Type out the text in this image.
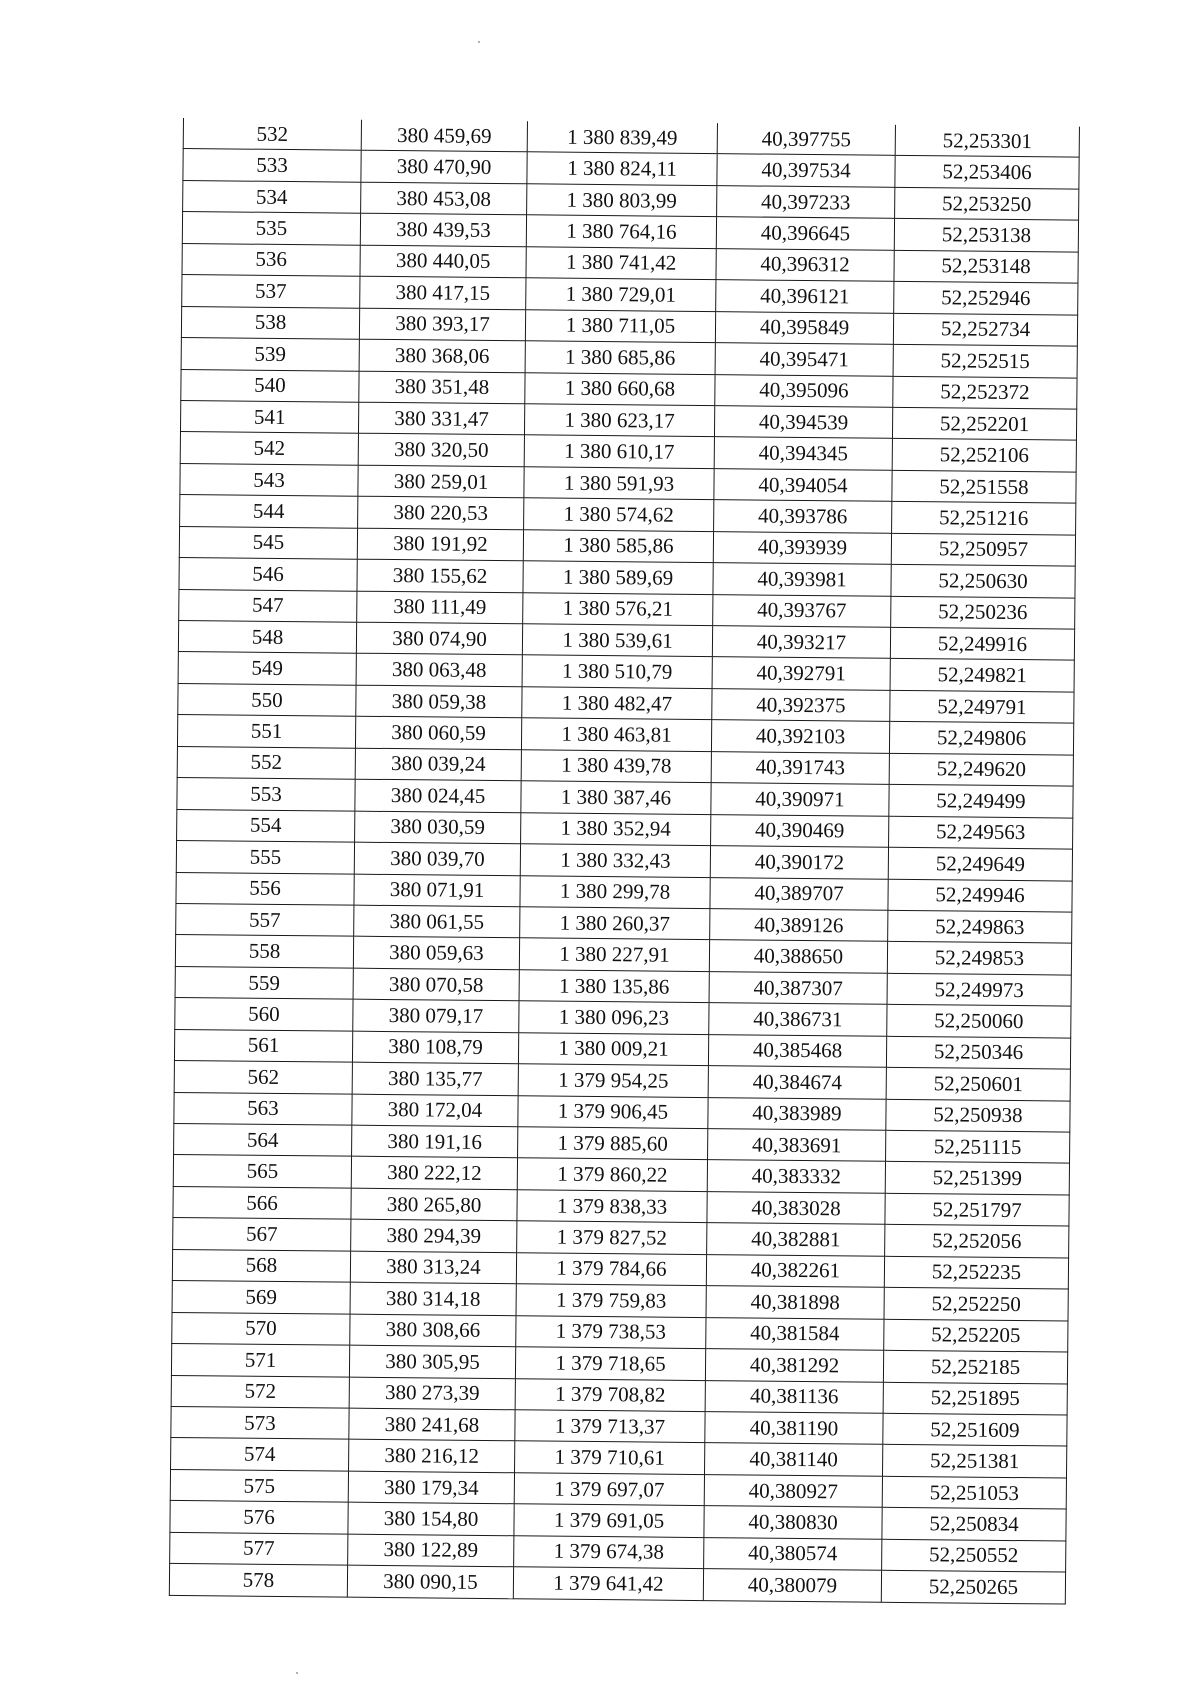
532	380 459,69	1 380 839,49	40,397755	52,253301
533	380 470,90	1 380 824,11	40,397534	52,253406
534	380 453,08	1 380 803,99	40,397233	52,253250
535	380 439,53	1 380 764,16	40,396645	52,253138
536	380 440,05	1 380 741,42	40,396312	52,253148
537	380 417,15	1 380 729,01	40,396121	52,252946
538	380 393,17	1 380 711,05	40,395849	52,252734
539	380 368,06	1 380 685,86	40,395471	52,252515
540	380 351,48	1 380 660,68	40,395096	52,252372
541	380 331,47	1 380 623,17	40,394539	52,252201
542	380 320,50	1 380 610,17	40,394345	52,252106
543	380 259,01	1 380 591,93	40,394054	52,251558
544	380 220,53	1 380 574,62	40,393786	52,251216
545	380 191,92	1 380 585,86	40,393939	52,250957
546	380 155,62	1 380 589,69	40,393981	52,250630
547	380 111,49	1 380 576,21	40,393767	52,250236
548	380 074,90	1 380 539,61	40,393217	52,249916
549	380 063,48	1 380 510,79	40,392791	52,249821
550	380 059,38	1 380 482,47	40,392375	52,249791
551	380 060,59	1 380 463,81	40,392103	52,249806
552	380 039,24	1 380 439,78	40,391743	52,249620
553	380 024,45	1 380 387,46	40,390971	52,249499
554	380 030,59	1 380 352,94	40,390469	52,249563
555	380 039,70	1 380 332,43	40,390172	52,249649
556	380 071,91	1 380 299,78	40,389707	52,249946
557	380 061,55	1 380 260,37	40,389126	52,249863
558	380 059,63	1 380 227,91	40,388650	52,249853
559	380 070,58	1 380 135,86	40,387307	52,249973
560	380 079,17	1 380 096,23	40,386731	52,250060
561	380 108,79	1 380 009,21	40,385468	52,250346
562	380 135,77	1 379 954,25	40,384674	52,250601
563	380 172,04	1 379 906,45	40,383989	52,250938
564	380 191,16	1 379 885,60	40,383691	52,251115
565	380 222,12	1 379 860,22	40,383332	52,251399
566	380 265,80	1 379 838,33	40,383028	52,251797
567	380 294,39	1 379 827,52	40,382881	52,252056
568	380 313,24	1 379 784,66	40,382261	52,252235
569	380 314,18	1 379 759,83	40,381898	52,252250
570	380 308,66	1 379 738,53	40,381584	52,252205
571	380 305,95	1 379 718,65	40,381292	52,252185
572	380 273,39	1 379 708,82	40,381136	52,251895
573	380 241,68	1 379 713,37	40,381190	52,251609
574	380 216,12	1 379 710,61	40,381140	52,251381
575	380 179,34	1 379 697,07	40,380927	52,251053
576	380 154,80	1 379 691,05	40,380830	52,250834
577	380 122,89	1 379 674,38	40,380574	52,250552
578	380 090,15	1 379 641,42	40,380079	52,250265
